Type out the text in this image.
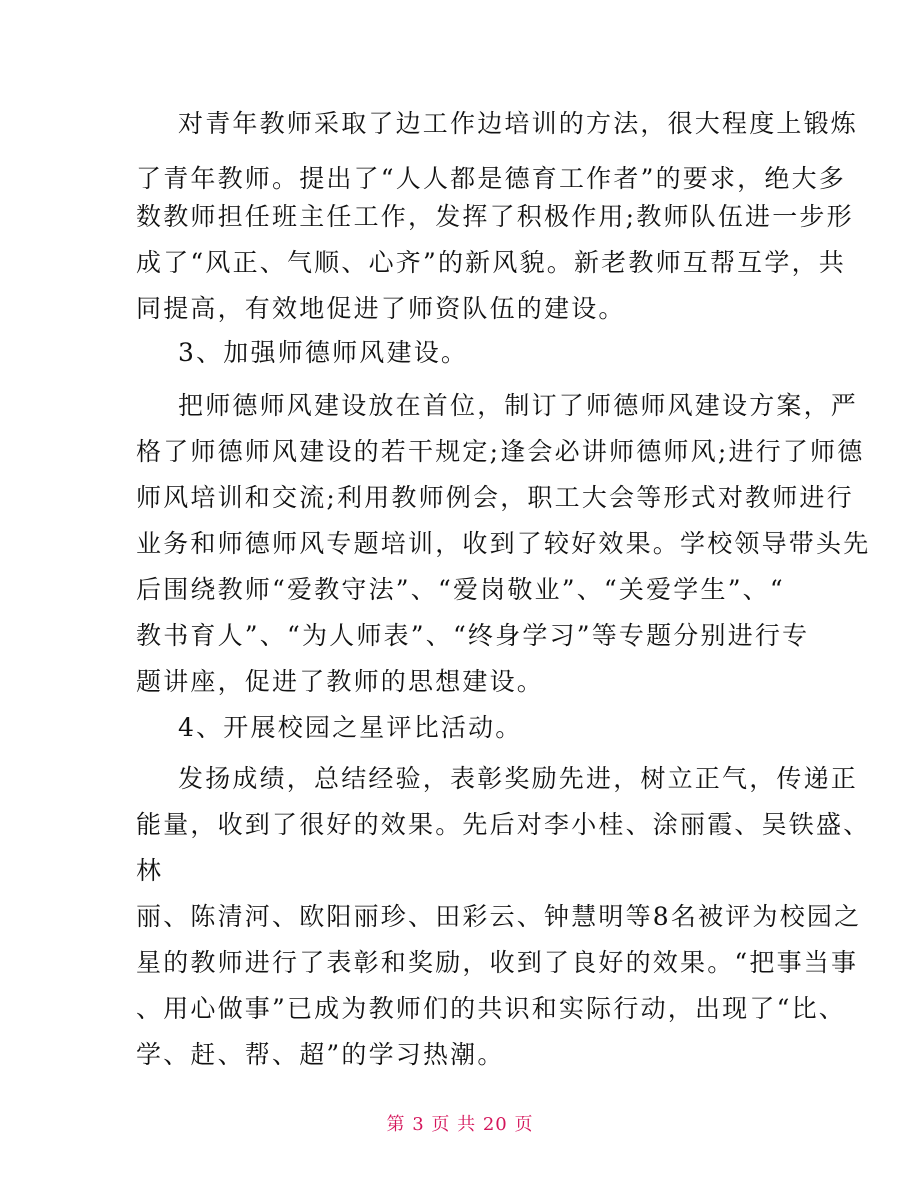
对青年教师采取了边工作边培训的方法，很大程度上锻炼
了青年教师。提出了“人人都是德育工作者”的要求，绝大多
数教师担任班主任工作，发挥了积极作用;教师队伍进一步形
成了“风正、气顺、心齐”的新风貌。新老教师互帮互学，共
同提高，有效地促进了师资队伍的建设。
3、加强师德师风建设。
把师德师风建设放在首位，制订了师德师风建设方案，严
格了师德师风建设的若干规定;逢会必讲师德师风;进行了师德
师风培训和交流;利用教师例会，职工大会等形式对教师进行
业务和师德师风专题培训，收到了较好效果。学校领导带头先
后围绕教师“爱教守法”、“爱岗敬业”、“关爱学生”、“
教书育人”、“为人师表”、“终身学习”等专题分别进行专
题讲座，促进了教师的思想建设。
4、开展校园之星评比活动。
发扬成绩，总结经验，表彰奖励先进，树立正气，传递正
能量，收到了很好的效果。先后对李小桂、涂丽霞、吴铁盛、
林
丽、陈清河、欧阳丽珍、田彩云、钟慧明等8名被评为校园之
星的教师进行了表彰和奖励，收到了良好的效果。“把事当事
、用心做事”已成为教师们的共识和实际行动，出现了“比、
学、赶、帮、超”的学习热潮。
第 3 页 共 20 页
